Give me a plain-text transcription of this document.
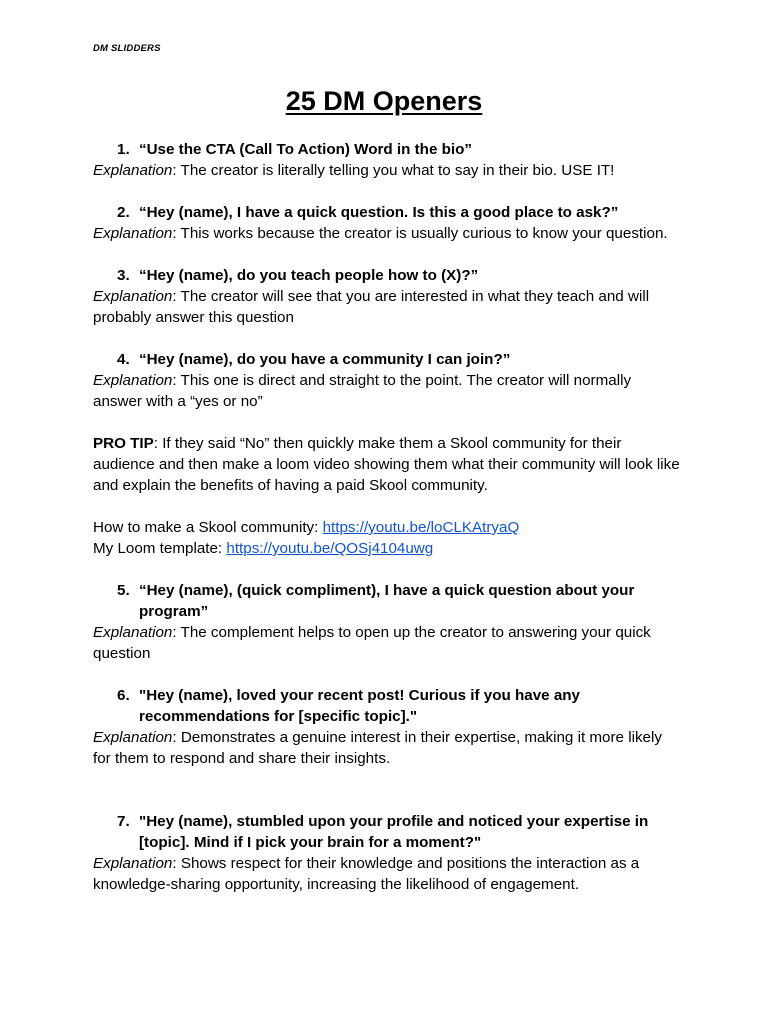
DM SLIDDERS
25 DM Openers
1. “Use the CTA (Call To Action) Word in the bio”
Explanation: The creator is literally telling you what to say in their bio. USE IT!
2. “Hey (name), I have a quick question. Is this a good place to ask?”
Explanation: This works because the creator is usually curious to know your question.
3. “Hey (name), do you teach people how to (X)?”
Explanation: The creator will see that you are interested in what they teach and will probably answer this question
4. “Hey (name), do you have a community I can join?”
Explanation: This one is direct and straight to the point. The creator will normally answer with a “yes or no”
PRO TIP: If they said “No” then quickly make them a Skool community for their audience and then make a loom video showing them what their community will look like and explain the benefits of having a paid Skool community.
How to make a Skool community: https://youtu.be/loCLKAtryaQ
My Loom template: https://youtu.be/QOSj4104uwg
5. “Hey (name), (quick compliment), I have a quick question about your program”
Explanation: The complement helps to open up the creator to answering your quick question
6. "Hey (name), loved your recent post! Curious if you have any recommendations for [specific topic]."
Explanation: Demonstrates a genuine interest in their expertise, making it more likely for them to respond and share their insights.
7. "Hey (name), stumbled upon your profile and noticed your expertise in [topic]. Mind if I pick your brain for a moment?"
Explanation: Shows respect for their knowledge and positions the interaction as a knowledge-sharing opportunity, increasing the likelihood of engagement.
